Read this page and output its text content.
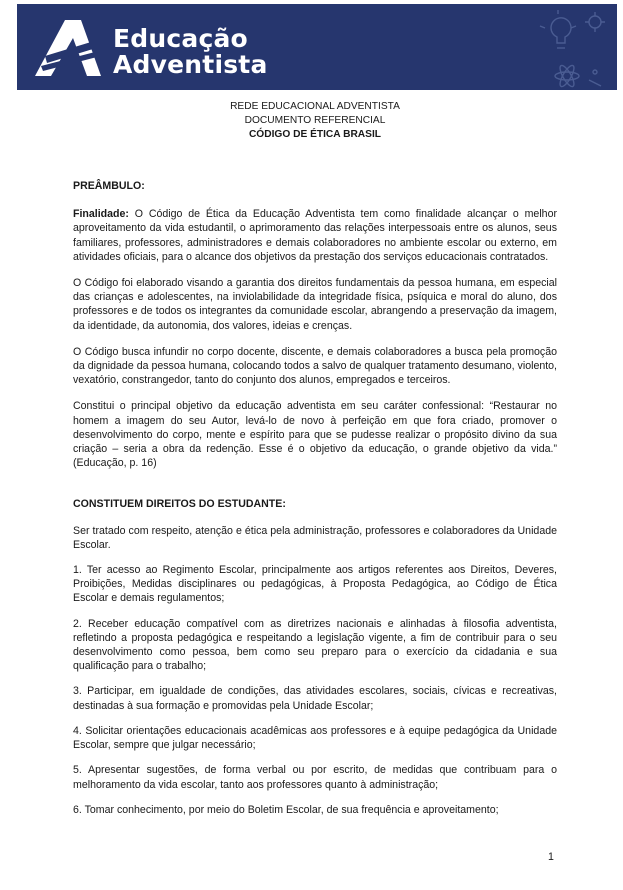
Educação
Adventista
REDE EDUCACIONAL ADVENTISTA
DOCUMENTO REFERENCIAL
CÓDIGO DE ÉTICA BRASIL
PREÂMBULO:

Finalidade: O Código de Ética da Educação Adventista tem como finalidade alcançar o melhor aproveitamento da vida estudantil, o aprimoramento das relações interpessoais entre os alunos, seus familiares, professores, administradores e demais colaboradores no ambiente escolar ou externo, em atividades oficiais, para o alcance dos objetivos da prestação dos serviços educacionais contratados.

O Código foi elaborado visando a garantia dos direitos fundamentais da pessoa humana, em especial das crianças e adolescentes, na inviolabilidade da integridade física, psíquica e moral do aluno, dos professores e de todos os integrantes da comunidade escolar, abrangendo a preservação da imagem, da identidade, da autonomia, dos valores, ideias e crenças.

O Código busca infundir no corpo docente, discente, e demais colaboradores a busca pela promoção da dignidade da pessoa humana, colocando todos a salvo de qualquer tratamento desumano, violento, vexatório, constrangedor, tanto do conjunto dos alunos, empregados e terceiros.

Constitui o principal objetivo da educação adventista em seu caráter confessional: “Restaurar no homem a imagem do seu Autor, levá-lo de novo à perfeição em que fora criado, promover o desenvolvimento do corpo, mente e espírito para que se pudesse realizar o propósito divino da sua criação – seria a obra da redenção. Esse é o objetivo da educação, o grande objetivo da vida.” (Educação, p. 16)

CONSTITUEM DIREITOS DO ESTUDANTE:

Ser tratado com respeito, atenção e ética pela administração, professores e colaboradores da Unidade Escolar.

1. Ter acesso ao Regimento Escolar, principalmente aos artigos referentes aos Direitos, Deveres, Proibições, Medidas disciplinares ou pedagógicas, à Proposta Pedagógica, ao Código de Ética Escolar e demais regulamentos;

2. Receber educação compatível com as diretrizes nacionais e alinhadas à filosofia adventista, refletindo a proposta pedagógica e respeitando a legislação vigente, a fim de contribuir para o seu desenvolvimento como pessoa, bem como seu preparo para o exercício da cidadania e sua qualificação para o trabalho;

3. Participar, em igualdade de condições, das atividades escolares, sociais, cívicas e recreativas, destinadas à sua formação e promovidas pela Unidade Escolar;

4. Solicitar orientações educacionais acadêmicas aos professores e à equipe pedagógica da Unidade Escolar, sempre que julgar necessário;

5. Apresentar sugestões, de forma verbal ou por escrito, de medidas que contribuam para o melhoramento da vida escolar, tanto aos professores quanto à administração;

6. Tomar conhecimento, por meio do Boletim Escolar, de sua frequência e aproveitamento;

1
